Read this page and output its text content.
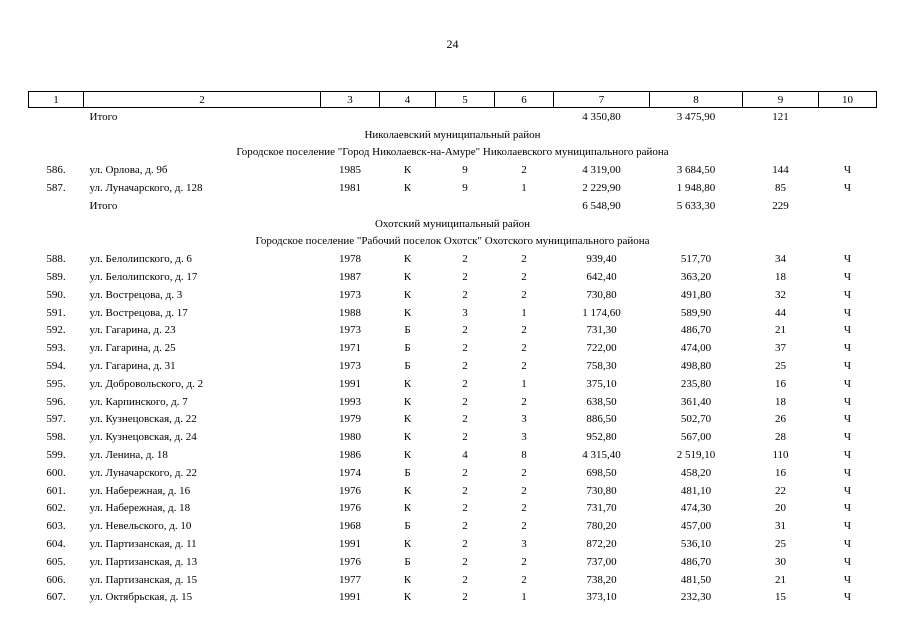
24
1	2	3	4	5	6	7	8	9	10
	Итого					4 350,80	3 475,90	121	
Николаевский муниципальный район									
Городское поселение "Город Николаевск-на-Амуре" Николаевского муниципального района									
586.	ул. Орлова, д. 9б	1985	К	9	2	4 319,00	3 684,50	144	Ч
587.	ул. Луначарского, д. 128	1981	К	9	1	2 229,90	1 948,80	85	Ч
	Итого					6 548,90	5 633,30	229	
Охотский муниципальный район									
Городское поселение "Рабочий поселок Охотск" Охотского муниципального района									
588.	ул. Белолипского, д. 6	1978	К	2	2	939,40	517,70	34	Ч
589.	ул. Белолипского, д. 17	1987	К	2	2	642,40	363,20	18	Ч
590.	ул. Вострецова, д. 3	1973	К	2	2	730,80	491,80	32	Ч
591.	ул. Вострецова, д. 17	1988	К	3	1	1 174,60	589,90	44	Ч
592.	ул. Гагарина, д. 23	1973	Б	2	2	731,30	486,70	21	Ч
593.	ул. Гагарина, д. 25	1971	Б	2	2	722,00	474,00	37	Ч
594.	ул. Гагарина, д. 31	1973	Б	2	2	758,30	498,80	25	Ч
595.	ул. Добровольского, д. 2	1991	К	2	1	375,10	235,80	16	Ч
596.	ул. Карпинского, д. 7	1993	К	2	2	638,50	361,40	18	Ч
597.	ул. Кузнецовская, д. 22	1979	К	2	3	886,50	502,70	26	Ч
598.	ул. Кузнецовская, д. 24	1980	К	2	3	952,80	567,00	28	Ч
599.	ул. Ленина, д. 18	1986	К	4	8	4 315,40	2 519,10	110	Ч
600.	ул. Луначарского, д. 22	1974	Б	2	2	698,50	458,20	16	Ч
601.	ул. Набережная, д. 16	1976	К	2	2	730,80	481,10	22	Ч
602.	ул. Набережная, д. 18	1976	К	2	2	731,70	474,30	20	Ч
603.	ул. Невельского, д. 10	1968	Б	2	2	780,20	457,00	31	Ч
604.	ул. Партизанская, д. 11	1991	К	2	3	872,20	536,10	25	Ч
605.	ул. Партизанская, д. 13	1976	Б	2	2	737,00	486,70	30	Ч
606.	ул. Партизанская, д. 15	1977	К	2	2	738,20	481,50	21	Ч
607.	ул. Октябрьская, д. 15	1991	К	2	1	373,10	232,30	15	Ч
